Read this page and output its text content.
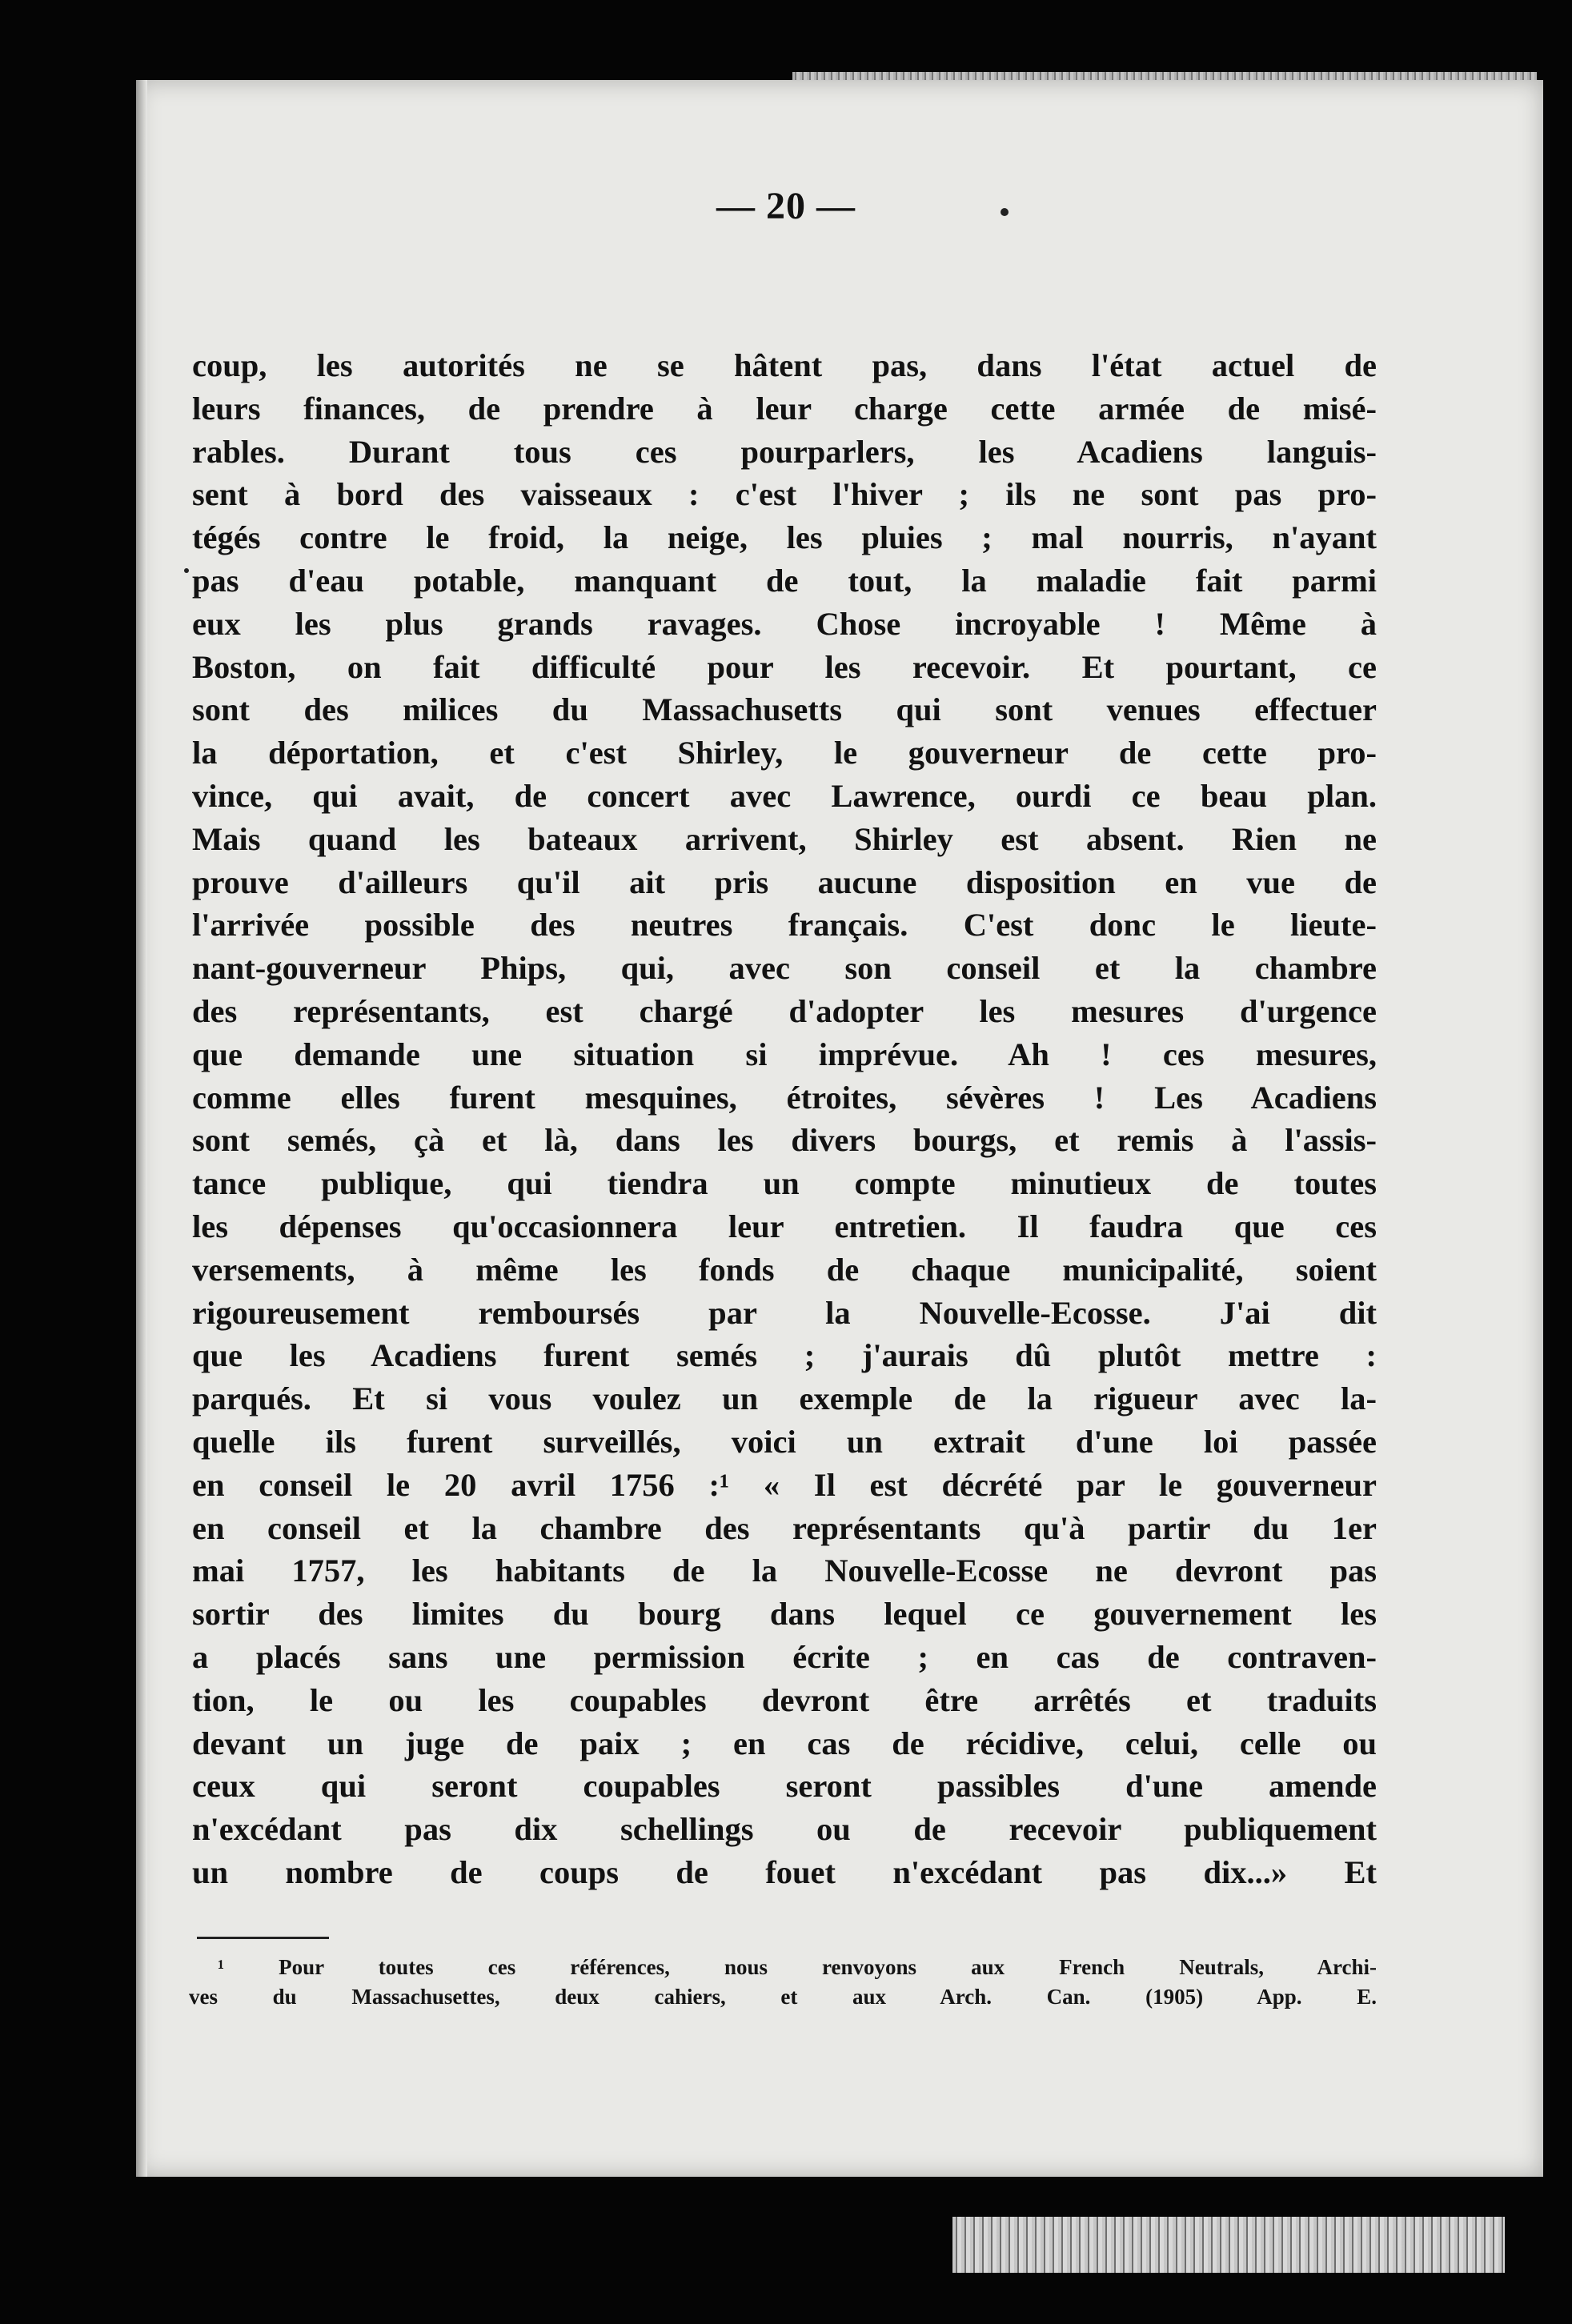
— 20 —
coup, les autorités ne se hâtent pas, dans l'état actuel de
leurs finances, de prendre à leur charge cette armée de misé-
rables. Durant tous ces pourparlers, les Acadiens languis-
sent à bord des vaisseaux : c'est l'hiver ; ils ne sont pas pro-
tégés contre le froid, la neige, les pluies ; mal nourris, n'ayant
pas d'eau potable, manquant de tout, la maladie fait parmi
eux les plus grands ravages. Chose incroyable ! Même à
Boston, on fait difficulté pour les recevoir. Et pourtant, ce
sont des milices du Massachusetts qui sont venues effectuer
la déportation, et c'est Shirley, le gouverneur de cette pro-
vince, qui avait, de concert avec Lawrence, ourdi ce beau plan.
Mais quand les bateaux arrivent, Shirley est absent. Rien ne
prouve d'ailleurs qu'il ait pris aucune disposition en vue de
l'arrivée possible des neutres français. C'est donc le lieute-
nant-gouverneur Phips, qui, avec son conseil et la chambre
des représentants, est chargé d'adopter les mesures d'urgence
que demande une situation si imprévue. Ah ! ces mesures,
comme elles furent mesquines, étroites, sévères ! Les Acadiens
sont semés, çà et là, dans les divers bourgs, et remis à l'assis-
tance publique, qui tiendra un compte minutieux de toutes
les dépenses qu'occasionnera leur entretien. Il faudra que ces
versements, à même les fonds de chaque municipalité, soient
rigoureusement remboursés par la Nouvelle-Ecosse. J'ai dit
que les Acadiens furent semés ; j'aurais dû plutôt mettre :
parqués. Et si vous voulez un exemple de la rigueur avec la-
quelle ils furent surveillés, voici un extrait d'une loi passée
en conseil le 20 avril 1756 :¹ « Il est décrété par le gouverneur
en conseil et la chambre des représentants qu'à partir du 1er
mai 1757, les habitants de la Nouvelle-Ecosse ne devront pas
sortir des limites du bourg dans lequel ce gouvernement les
a placés sans une permission écrite ; en cas de contraven-
tion, le ou les coupables devront être arrêtés et traduits
devant un juge de paix ; en cas de récidive, celui, celle ou
ceux qui seront coupables seront passibles d'une amende
n'excédant pas dix schellings ou de recevoir publiquement
un nombre de coups de fouet n'excédant pas dix...» Et
¹ Pour toutes ces références, nous renvoyons aux French Neutrals, Archi-
ves du Massachusettes, deux cahiers, et aux Arch. Can. (1905) App. E.
